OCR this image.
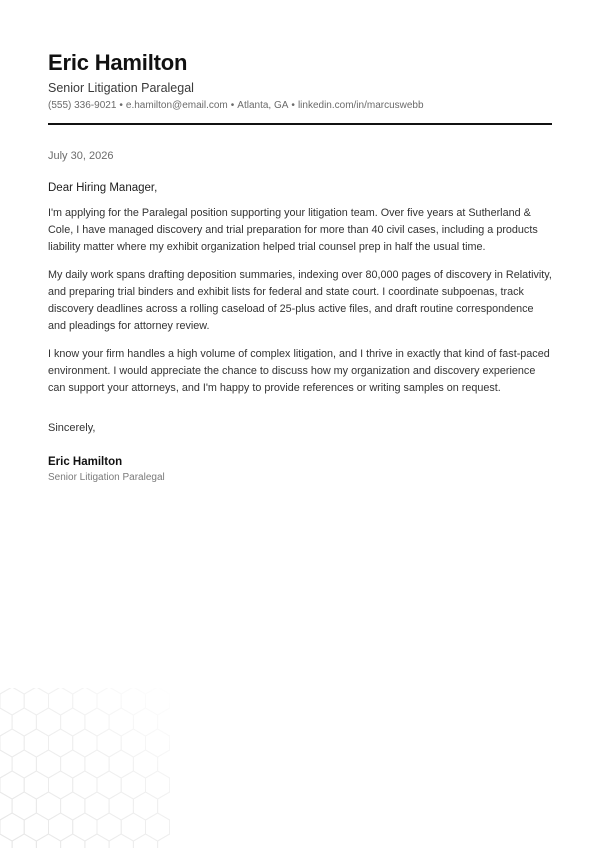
Eric Hamilton
Senior Litigation Paralegal
(555) 336-9021 • e.hamilton@email.com • Atlanta, GA • linkedin.com/in/marcuswebb
July 30, 2026
Dear Hiring Manager,

I'm applying for the Paralegal position supporting your litigation team. Over five years at Sutherland & Cole, I have managed discovery and trial preparation for more than 40 civil cases, including a products liability matter where my exhibit organization helped trial counsel prep in half the usual time.

My daily work spans drafting deposition summaries, indexing over 80,000 pages of discovery in Relativity, and preparing trial binders and exhibit lists for federal and state court. I coordinate subpoenas, track discovery deadlines across a rolling caseload of 25-plus active files, and draft routine correspondence and pleadings for attorney review.

I know your firm handles a high volume of complex litigation, and I thrive in exactly that kind of fast-paced environment. I would appreciate the chance to discuss how my organization and discovery experience can support your attorneys, and I'm happy to provide references or writing samples on request.

Sincerely,
Eric Hamilton
Senior Litigation Paralegal
